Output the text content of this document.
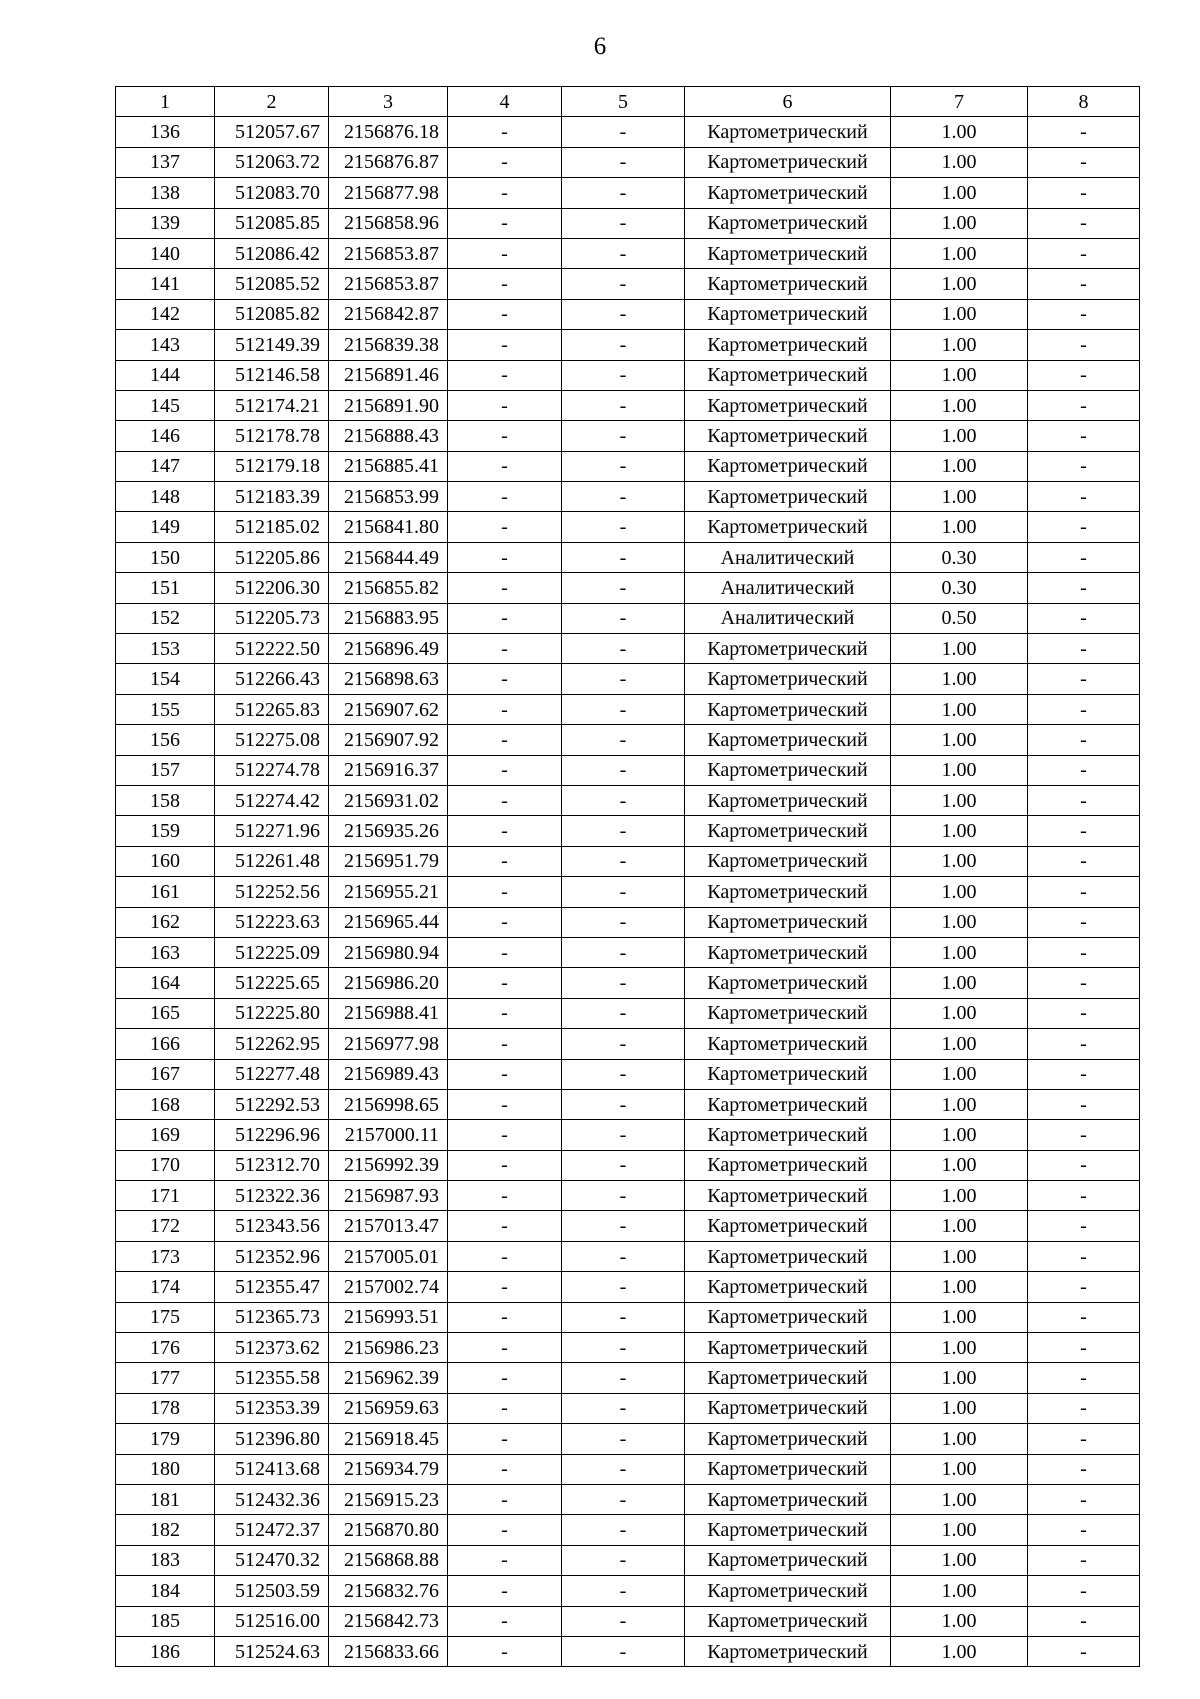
6
1	2	3	4	5	6	7	8
136	512057.67	2156876.18	-	-	Картометрический	1.00	-
137	512063.72	2156876.87	-	-	Картометрический	1.00	-
138	512083.70	2156877.98	-	-	Картометрический	1.00	-
139	512085.85	2156858.96	-	-	Картометрический	1.00	-
140	512086.42	2156853.87	-	-	Картометрический	1.00	-
141	512085.52	2156853.87	-	-	Картометрический	1.00	-
142	512085.82	2156842.87	-	-	Картометрический	1.00	-
143	512149.39	2156839.38	-	-	Картометрический	1.00	-
144	512146.58	2156891.46	-	-	Картометрический	1.00	-
145	512174.21	2156891.90	-	-	Картометрический	1.00	-
146	512178.78	2156888.43	-	-	Картометрический	1.00	-
147	512179.18	2156885.41	-	-	Картометрический	1.00	-
148	512183.39	2156853.99	-	-	Картометрический	1.00	-
149	512185.02	2156841.80	-	-	Картометрический	1.00	-
150	512205.86	2156844.49	-	-	Аналитический	0.30	-
151	512206.30	2156855.82	-	-	Аналитический	0.30	-
152	512205.73	2156883.95	-	-	Аналитический	0.50	-
153	512222.50	2156896.49	-	-	Картометрический	1.00	-
154	512266.43	2156898.63	-	-	Картометрический	1.00	-
155	512265.83	2156907.62	-	-	Картометрический	1.00	-
156	512275.08	2156907.92	-	-	Картометрический	1.00	-
157	512274.78	2156916.37	-	-	Картометрический	1.00	-
158	512274.42	2156931.02	-	-	Картометрический	1.00	-
159	512271.96	2156935.26	-	-	Картометрический	1.00	-
160	512261.48	2156951.79	-	-	Картометрический	1.00	-
161	512252.56	2156955.21	-	-	Картометрический	1.00	-
162	512223.63	2156965.44	-	-	Картометрический	1.00	-
163	512225.09	2156980.94	-	-	Картометрический	1.00	-
164	512225.65	2156986.20	-	-	Картометрический	1.00	-
165	512225.80	2156988.41	-	-	Картометрический	1.00	-
166	512262.95	2156977.98	-	-	Картометрический	1.00	-
167	512277.48	2156989.43	-	-	Картометрический	1.00	-
168	512292.53	2156998.65	-	-	Картометрический	1.00	-
169	512296.96	2157000.11	-	-	Картометрический	1.00	-
170	512312.70	2156992.39	-	-	Картометрический	1.00	-
171	512322.36	2156987.93	-	-	Картометрический	1.00	-
172	512343.56	2157013.47	-	-	Картометрический	1.00	-
173	512352.96	2157005.01	-	-	Картометрический	1.00	-
174	512355.47	2157002.74	-	-	Картометрический	1.00	-
175	512365.73	2156993.51	-	-	Картометрический	1.00	-
176	512373.62	2156986.23	-	-	Картометрический	1.00	-
177	512355.58	2156962.39	-	-	Картометрический	1.00	-
178	512353.39	2156959.63	-	-	Картометрический	1.00	-
179	512396.80	2156918.45	-	-	Картометрический	1.00	-
180	512413.68	2156934.79	-	-	Картометрический	1.00	-
181	512432.36	2156915.23	-	-	Картометрический	1.00	-
182	512472.37	2156870.80	-	-	Картометрический	1.00	-
183	512470.32	2156868.88	-	-	Картометрический	1.00	-
184	512503.59	2156832.76	-	-	Картометрический	1.00	-
185	512516.00	2156842.73	-	-	Картометрический	1.00	-
186	512524.63	2156833.66	-	-	Картометрический	1.00	-
